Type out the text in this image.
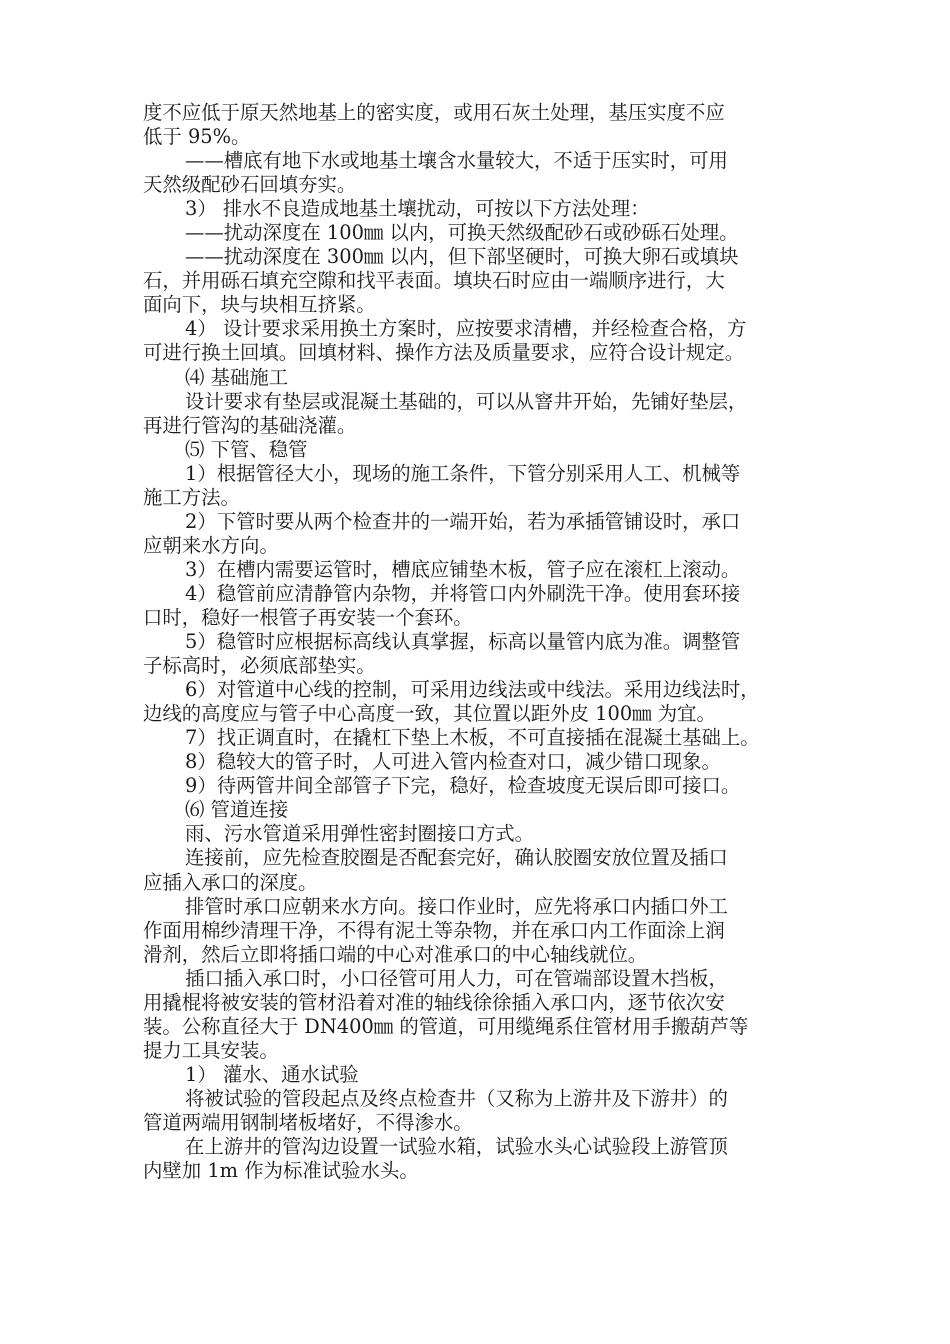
度不应低于原天然地基上的密实度，或用石灰土处理，基压实度不应
低于 95%。
——槽底有地下水或地基土壤含水量较大，不适于压实时，可用
天然级配砂石回填夯实。
3） 排水不良造成地基土壤扰动，可按以下方法处理：
——扰动深度在 100㎜ 以内，可换天然级配砂石或砂砾石处理。
——扰动深度在 300㎜ 以内，但下部坚硬时，可换大卵石或填块
石，并用砾石填充空隙和找平表面。填块石时应由一端顺序进行，大
面向下，块与块相互挤紧。
4） 设计要求采用换土方案时，应按要求清槽，并经检查合格，方
可进行换土回填。回填材料、操作方法及质量要求，应符合设计规定。
⑷ 基础施工
设计要求有垫层或混凝土基础的，可以从窨井开始，先铺好垫层，
再进行管沟的基础浇灌。
⑸ 下管、稳管
1）根据管径大小，现场的施工条件，下管分别采用人工、机械等
施工方法。
2）下管时要从两个检查井的一端开始，若为承插管铺设时，承口
应朝来水方向。
3）在槽内需要运管时，槽底应铺垫木板，管子应在滚杠上滚动。
4）稳管前应清静管内杂物，并将管口内外刷洗干净。使用套环接
口时，稳好一根管子再安装一个套环。
5）稳管时应根据标高线认真掌握，标高以量管内底为准。调整管
子标高时，必须底部垫实。
6）对管道中心线的控制，可采用边线法或中线法。采用边线法时，
边线的高度应与管子中心高度一致，其位置以距外皮 100㎜ 为宜。
7）找正调直时，在撬杠下垫上木板，不可直接插在混凝土基础上。
8）稳较大的管子时，人可进入管内检查对口，减少错口现象。
9）待两管井间全部管子下完，稳好，检查坡度无误后即可接口。
⑹ 管道连接
雨、污水管道采用弹性密封圈接口方式。
连接前，应先检查胶圈是否配套完好，确认胶圈安放位置及插口
应插入承口的深度。
排管时承口应朝来水方向。接口作业时，应先将承口内插口外工
作面用棉纱清理干净，不得有泥土等杂物，并在承口内工作面涂上润
滑剂，然后立即将插口端的中心对准承口的中心轴线就位。
插口插入承口时，小口径管可用人力，可在管端部设置木挡板，
用撬棍将被安装的管材沿着对准的轴线徐徐插入承口内，逐节依次安
装。公称直径大于 DN400㎜ 的管道，可用缆绳系住管材用手搬葫芦等
提力工具安装。
1） 灌水、通水试验
将被试验的管段起点及终点检查井（又称为上游井及下游井）的
管道两端用钢制堵板堵好，不得渗水。
在上游井的管沟边设置一试验水箱，试验水头心试验段上游管顶
内壁加 1m 作为标准试验水头。
